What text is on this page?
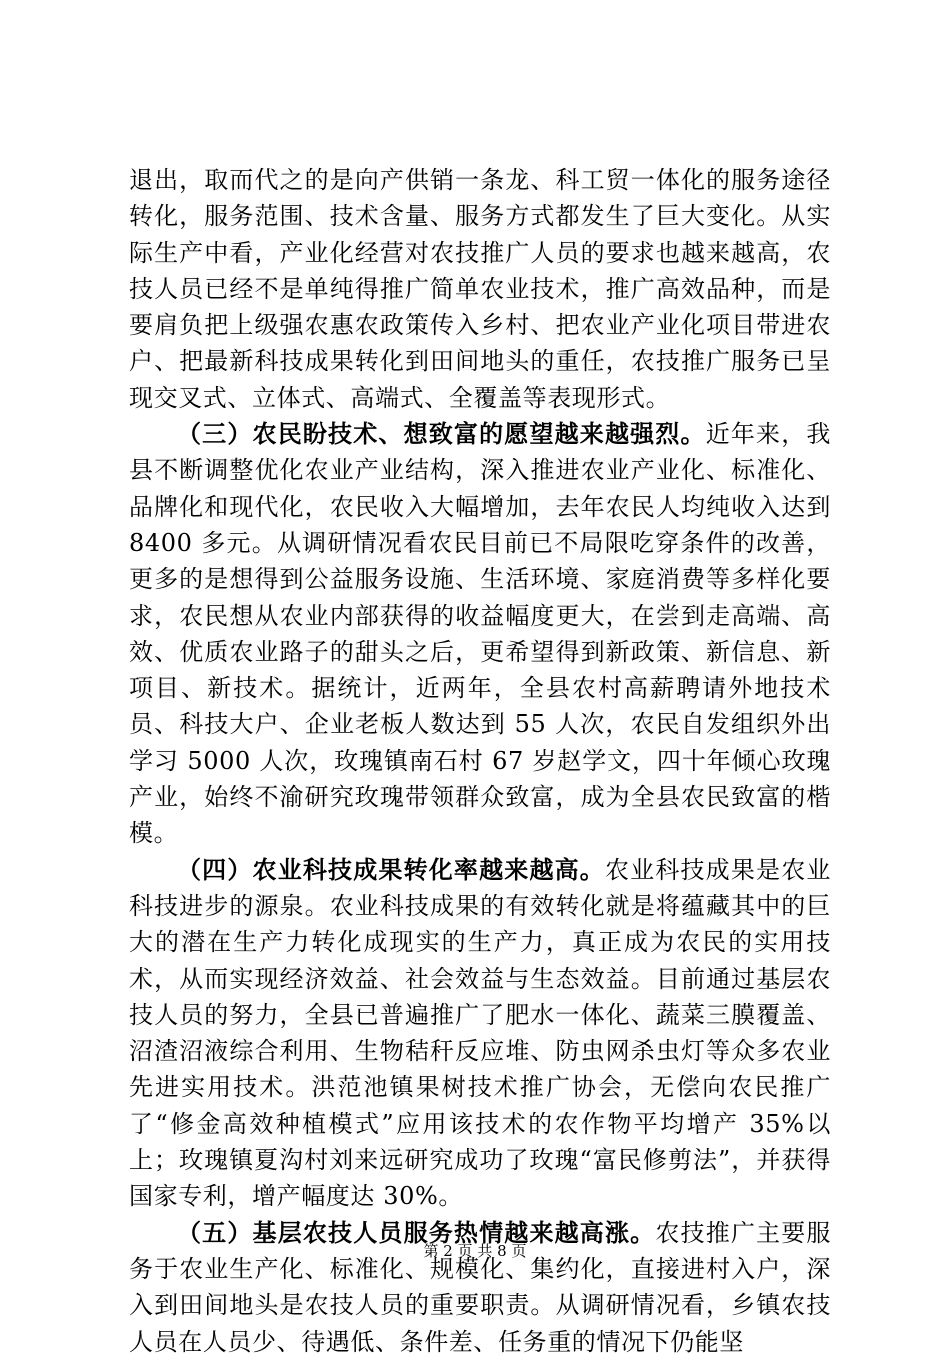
退出，取而代之的是向产供销一条龙、科工贸一体化的服务途径转化，服务范围、技术含量、服务方式都发生了巨大变化。从实际生产中看，产业化经营对农技推广人员的要求也越来越高，农技人员已经不是单纯得推广简单农业技术，推广高效品种，而是要肩负把上级强农惠农政策传入乡村、把农业产业化项目带进农户、把最新科技成果转化到田间地头的重任，农技推广服务已呈现交叉式、立体式、高端式、全覆盖等表现形式。

（三）农民盼技术、想致富的愿望越来越强烈。近年来，我县不断调整优化农业产业结构，深入推进农业产业化、标准化、品牌化和现代化，农民收入大幅增加，去年农民人均纯收入达到 8400 多元。从调研情况看农民目前已不局限吃穿条件的改善，更多的是想得到公益服务设施、生活环境、家庭消费等多样化要求，农民想从农业内部获得的收益幅度更大，在尝到走高端、高效、优质农业路子的甜头之后，更希望得到新政策、新信息、新项目、新技术。据统计，近两年，全县农村高薪聘请外地技术员、科技大户、企业老板人数达到 55 人次，农民自发组织外出学习 5000 人次，玫瑰镇南石村 67 岁赵学文，四十年倾心玫瑰产业，始终不渝研究玫瑰带领群众致富，成为全县农民致富的楷模。

（四）农业科技成果转化率越来越高。农业科技成果是农业科技进步的源泉。农业科技成果的有效转化就是将蕴藏其中的巨大的潜在生产力转化成现实的生产力，真正成为农民的实用技术，从而实现经济效益、社会效益与生态效益。目前通过基层农技人员的努力，全县已普遍推广了肥水一体化、蔬菜三膜覆盖、沼渣沼液综合利用、生物秸秆反应堆、防虫网杀虫灯等众多农业先进实用技术。洪范池镇果树技术推广协会，无偿向农民推广了“修金高效种植模式”应用该技术的农作物平均增产 35%以上；玫瑰镇夏沟村刘来远研究成功了玫瑰“富民修剪法”，并获得国家专利，增产幅度达 30%。

（五）基层农技人员服务热情越来越高涨。农技推广主要服务于农业生产化、标准化、规模化、集约化，直接进村入户，深入到田间地头是农技人员的重要职责。从调研情况看，乡镇农技人员在人员少、待遇低、条件差、任务重的情况下仍能坚

第 2 页 共 8 页
